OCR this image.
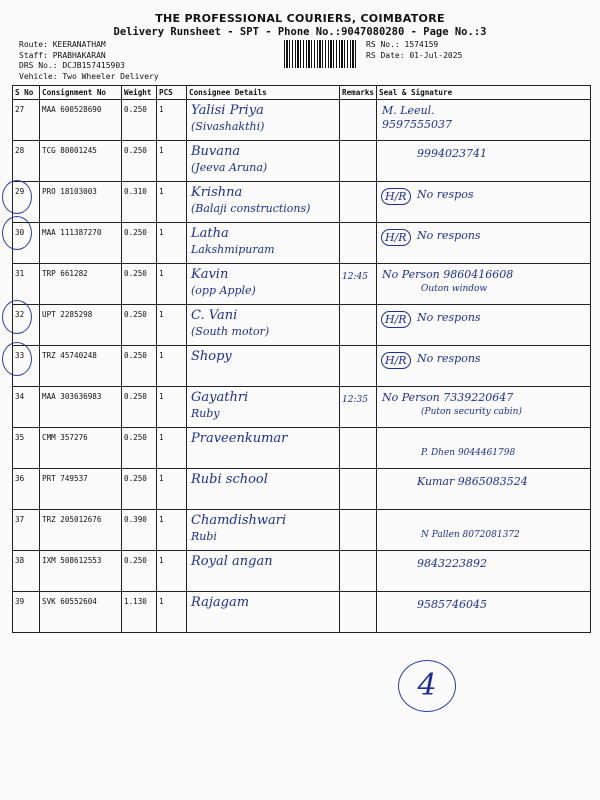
THE PROFESSIONAL COURIERS, COIMBATORE
Delivery Runsheet - SPT - Phone No.:9047080280 - Page No.:3
Route: KEERANATHAM
Staff: PRABHAKARAN
DRS No.: DCJB157415903
Vehicle: Two Wheeler Delivery
RS No.: 1574159
RS Date: 01-Jul-2025
S No	Consignment No	Weight	PCS	Consignee Details	Remarks	Seal & Signature
27	MAA 600528690	0.250	1	Yalisi Priya
(Sivashakthi)		M. Leeul.
9597555037

28	TCG 80001245	0.250	1	Buvana
(Jeeva Aruna)		9994023741

29	PRO 18103003	0.310	1	Krishna
(Balaji constructions)		H/R No respos

30	MAA 111387270	0.250	1	Latha
Lakshmipuram		H/R No respons

31	TRP 661282	0.250	1	Kavin
(opp Apple)	12:45	No Person 9860416608
Outon window

32	UPT 2285298	0.250	1	C. Vani
(South motor)		H/R No respons

33	TRZ 45740248	0.250	1	Shopy		H/R No respons

34	MAA 303636983	0.250	1	Gayathri
Ruby	12:35	No Person 7339220647
(Puton security cabin)

35	CMM 357276	0.250	1	Praveenkumar		P. Dhen 9044461798

36	PRT 749537	0.250	1	Rubi school		Kumar 9865083524

37	TRZ 205012676	0.390	1	Chamdishwari
Rubi		N Pallen 8072081372

38	IXM 508612553	0.250	1	Royal angan		9843223892

39	SVK 60552604	1.130	1	Rajagam		9585746045
4
